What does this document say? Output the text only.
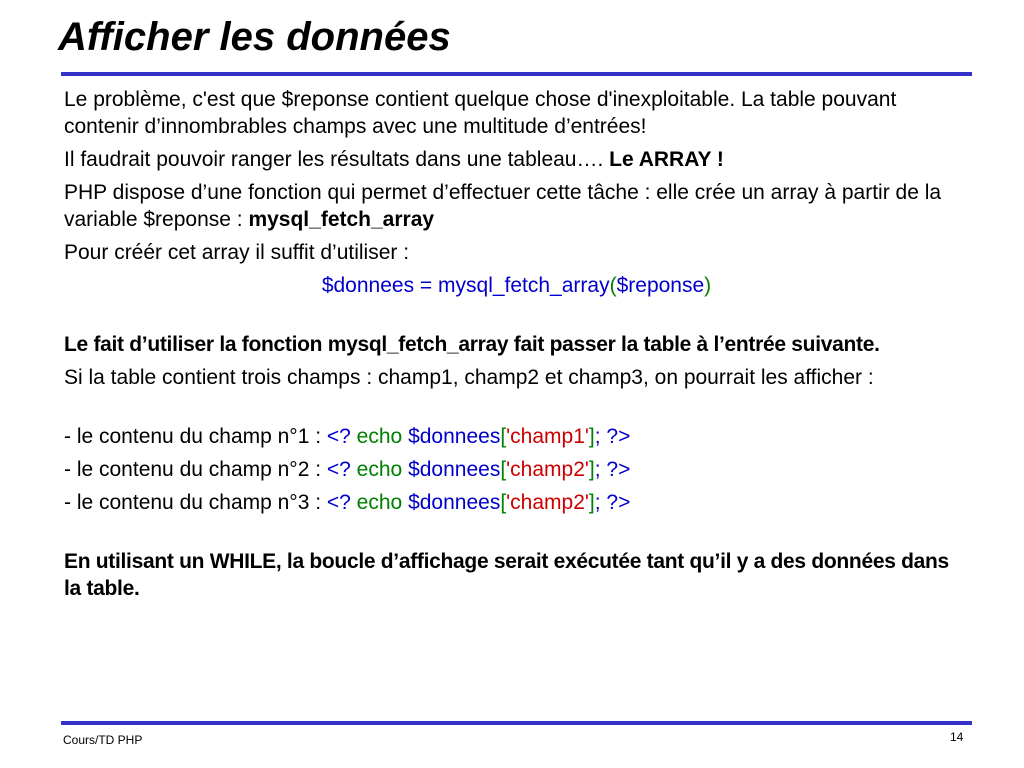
Afficher les données

Le problème, c'est que $reponse contient quelque chose d'inexploitable. La table pouvant contenir d’innombrables champs avec une multitude d’entrées!

Il faudrait pouvoir ranger les résultats dans une tableau…. Le ARRAY !

PHP dispose d’une fonction qui permet d’effectuer cette tâche : elle crée un array à partir de la variable $reponse : mysql_fetch_array

Pour créér cet array il suffit d’utiliser :

$donnees = mysql_fetch_array($reponse)

Le fait d’utiliser la fonction mysql_fetch_array fait passer la table à l’entrée suivante.

Si la table contient trois champs : champ1, champ2 et champ3, on pourrait les afficher :

- le contenu du champ n°1 : <? echo $donnees['champ1']; ?>

- le contenu du champ n°2 : <? echo $donnees['champ2']; ?>

- le contenu du champ n°3 : <? echo $donnees['champ2']; ?>

En utilisant un WHILE, la boucle d’affichage serait exécutée tant qu’il y a des données dans la table.

Cours/TD PHP	14
